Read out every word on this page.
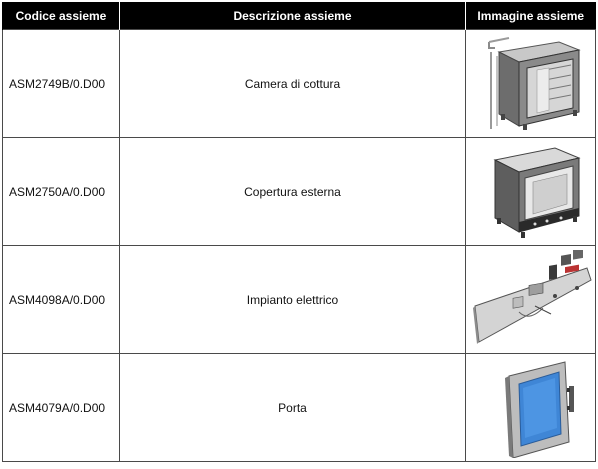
Codice assieme	Descrizione assieme	Immagine assieme
ASM2749B/0.D00	Camera di cottura	

ASM2750A/0.D00	Copertura esterna	

ASM4098A/0.D00	Impianto elettrico	

ASM4079A/0.D00	Porta	
